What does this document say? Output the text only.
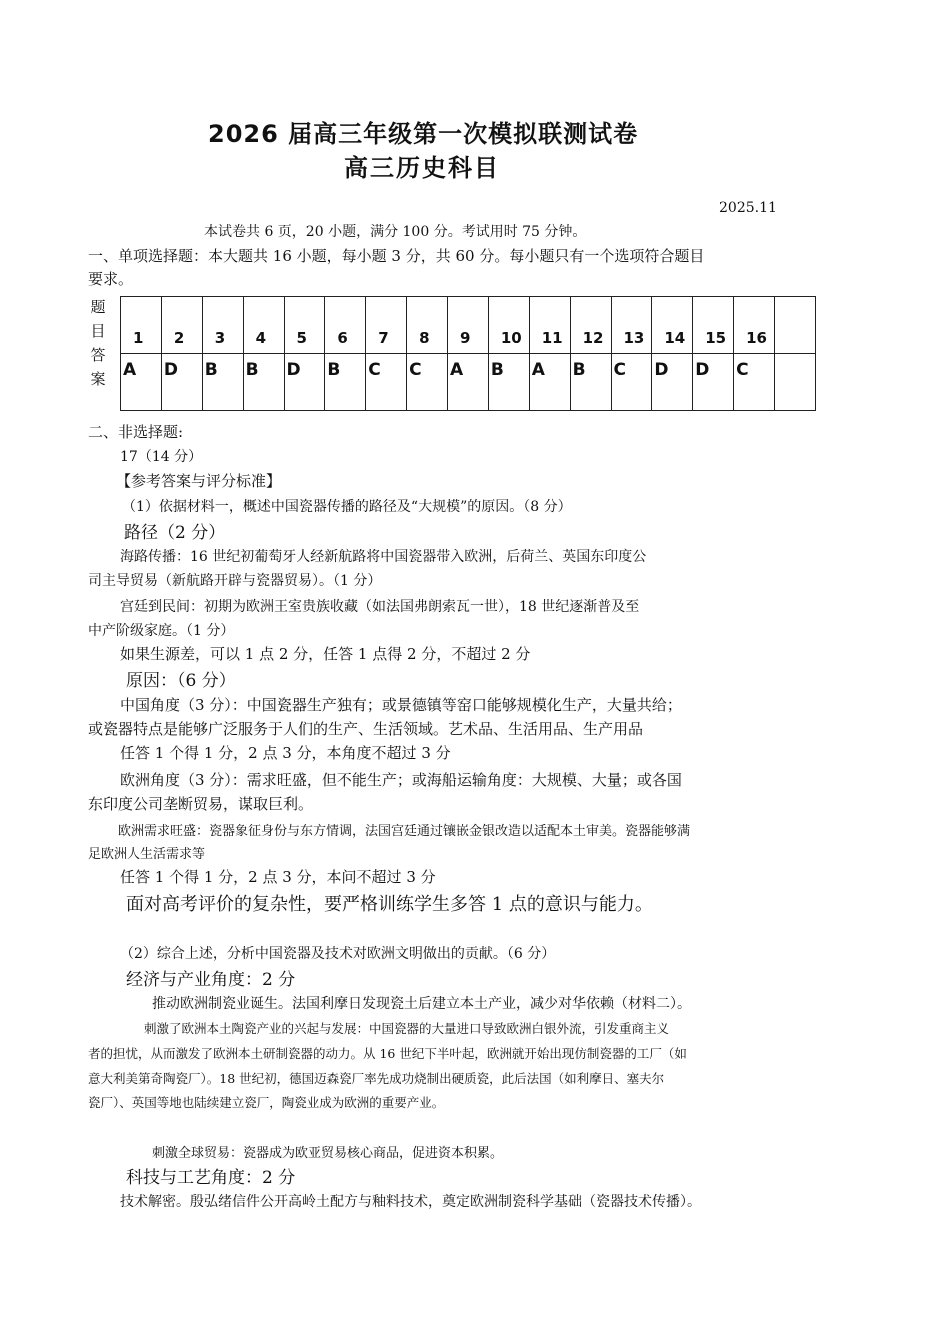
2026 届高三年级第一次模拟联测试卷
高三历史科目
2025.11
本试卷共 6 页，20 小题，满分 100 分。考试用时 75 分钟。
一、单项选择题：本大题共 16 小题，每小题 3 分，共 60 分。每小题只有一个选项符合题目
要求。
题
目
答
案
1	2	3	4	5	6	7	8	9	10	11	12	13	14	15	16	
A	D	B	B	D	B	C	C	A	B	A	B	C	D	D	C	
二、非选择题:
17（14 分）
【参考答案与评分标准】
（1）依据材料一，概述中国瓷器传播的路径及“大规模”的原因。（8 分）
路径（2 分）
海路传播：16 世纪初葡萄牙人经新航路将中国瓷器带入欧洲，后荷兰、英国东印度公
司主导贸易（新航路开辟与瓷器贸易）。（1 分）
宫廷到民间：初期为欧洲王室贵族收藏（如法国弗朗索瓦一世），18 世纪逐渐普及至
中产阶级家庭。（1 分）
如果生源差，可以 1 点 2 分，任答 1 点得 2 分，不超过 2 分
原因：（6 分）
中国角度（3 分）：中国瓷器生产独有；或景德镇等窑口能够规模化生产，大量共给；
或瓷器特点是能够广泛服务于人们的生产、生活领域。艺术品、生活用品、生产用品
任答 1 个得 1 分，2 点 3 分，本角度不超过 3 分
欧洲角度（3 分）：需求旺盛，但不能生产；或海船运输角度：大规模、大量；或各国
东印度公司垄断贸易，谋取巨利。
欧洲需求旺盛：瓷器象征身份与东方情调，法国宫廷通过镶嵌金银改造以适配本土审美。瓷器能够满
足欧洲人生活需求等
任答 1 个得 1 分，2 点 3 分，本问不超过 3 分
面对高考评价的复杂性，要严格训练学生多答 1 点的意识与能力。
（2）综合上述，分析中国瓷器及技术对欧洲文明做出的贡献。（6 分）
经济与产业角度：2 分
推动欧洲制瓷业诞生。法国利摩日发现瓷土后建立本土产业，减少对华依赖（材料二）。
刺激了欧洲本土陶瓷产业的兴起与发展：中国瓷器的大量进口导致欧洲白银外流，引发重商主义
者的担忧，从而激发了欧洲本土研制瓷器的动力。从 16 世纪下半叶起，欧洲就开始出现仿制瓷器的工厂（如
意大利美第奇陶瓷厂）。18 世纪初，德国迈森瓷厂率先成功烧制出硬质瓷，此后法国（如利摩日、塞夫尔
瓷厂）、英国等地也陆续建立瓷厂，陶瓷业成为欧洲的重要产业。
刺激全球贸易：瓷器成为欧亚贸易核心商品，促进资本积累。
科技与工艺角度：2 分
技术解密。殷弘绪信件公开高岭土配方与釉料技术，奠定欧洲制瓷科学基础（瓷器技术传播）。
